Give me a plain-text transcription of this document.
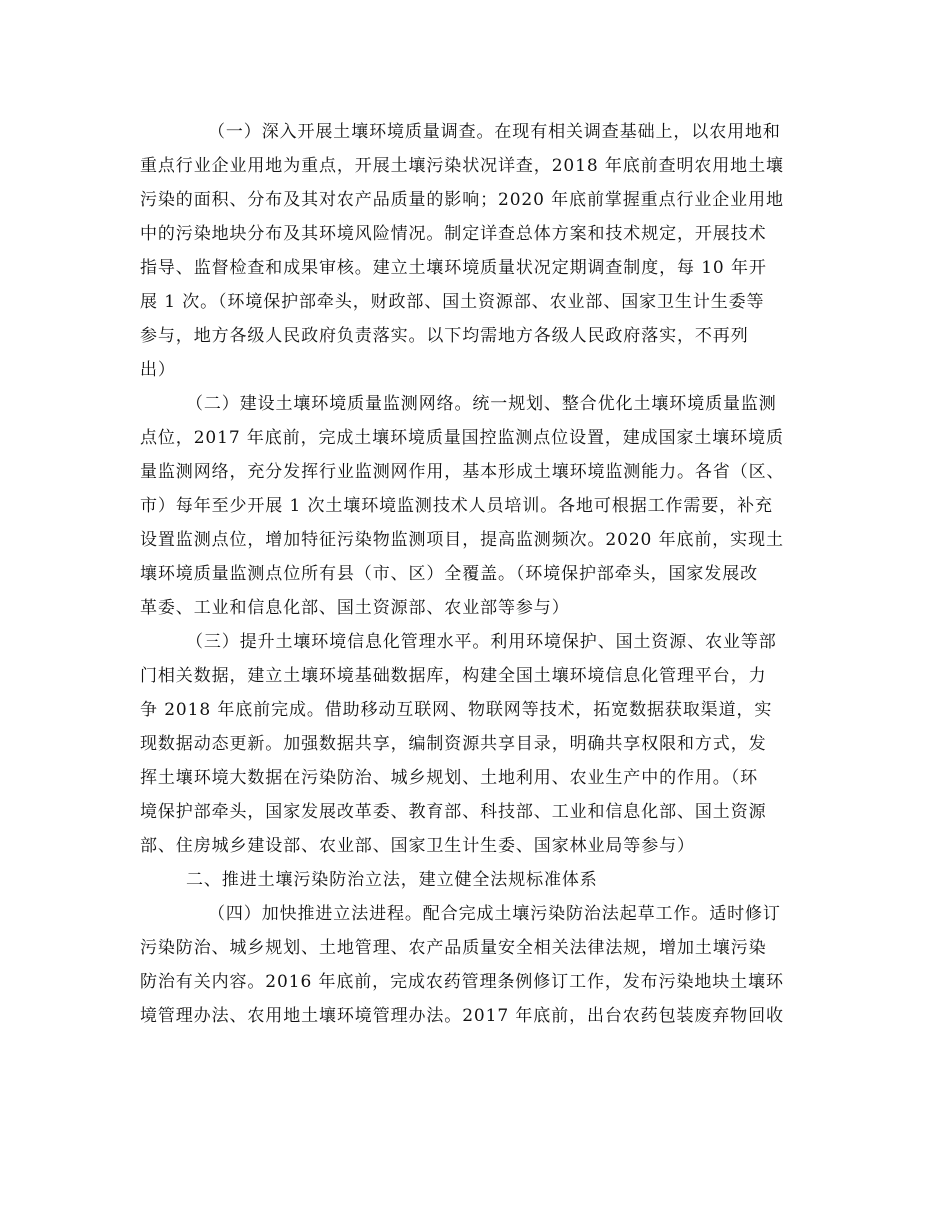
（一）深入开展土壤环境质量调查。在现有相关调查基础上，以农用地和
重点行业企业用地为重点，开展土壤污染状况详查，2018 年底前查明农用地土壤
污染的面积、分布及其对农产品质量的影响；2020 年底前掌握重点行业企业用地
中的污染地块分布及其环境风险情况。制定详查总体方案和技术规定，开展技术
指导、监督检查和成果审核。建立土壤环境质量状况定期调查制度，每 10 年开
展 1 次。（环境保护部牵头，财政部、国土资源部、农业部、国家卫生计生委等
参与，地方各级人民政府负责落实。以下均需地方各级人民政府落实，不再列
出）
（二）建设土壤环境质量监测网络。统一规划、整合优化土壤环境质量监测
点位，2017 年底前，完成土壤环境质量国控监测点位设置，建成国家土壤环境质
量监测网络，充分发挥行业监测网作用，基本形成土壤环境监测能力。各省（区、
市）每年至少开展 1 次土壤环境监测技术人员培训。各地可根据工作需要，补充
设置监测点位，增加特征污染物监测项目，提高监测频次。2020 年底前，实现土
壤环境质量监测点位所有县（市、区）全覆盖。（环境保护部牵头，国家发展改
革委、工业和信息化部、国土资源部、农业部等参与）
（三）提升土壤环境信息化管理水平。利用环境保护、国土资源、农业等部
门相关数据，建立土壤环境基础数据库，构建全国土壤环境信息化管理平台，力
争 2018 年底前完成。借助移动互联网、物联网等技术，拓宽数据获取渠道，实
现数据动态更新。加强数据共享，编制资源共享目录，明确共享权限和方式，发
挥土壤环境大数据在污染防治、城乡规划、土地利用、农业生产中的作用。（环
境保护部牵头，国家发展改革委、教育部、科技部、工业和信息化部、国土资源
部、住房城乡建设部、农业部、国家卫生计生委、国家林业局等参与）
二、推进土壤污染防治立法，建立健全法规标准体系
（四）加快推进立法进程。配合完成土壤污染防治法起草工作。适时修订
污染防治、城乡规划、土地管理、农产品质量安全相关法律法规，增加土壤污染
防治有关内容。2016 年底前，完成农药管理条例修订工作，发布污染地块土壤环
境管理办法、农用地土壤环境管理办法。2017 年底前，出台农药包装废弃物回收
